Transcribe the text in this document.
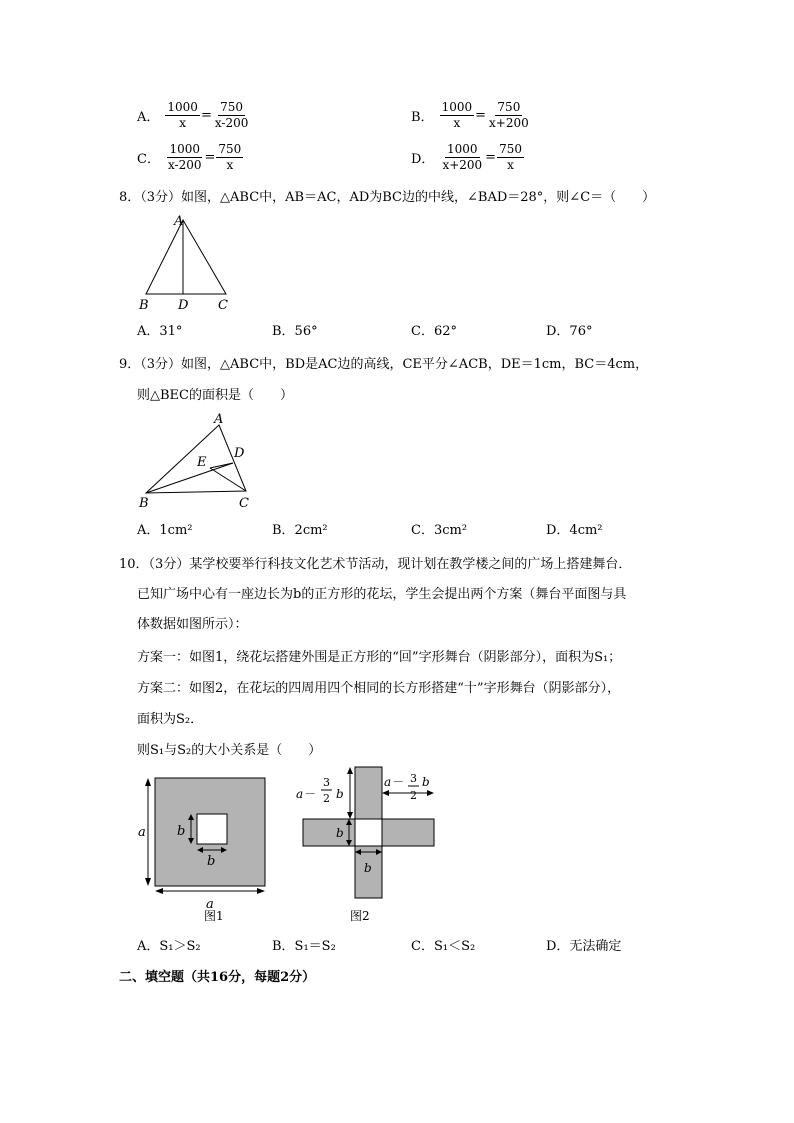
A． $\frac{1000}{x} = \frac{750}{x-200}$	B． $\frac{1000}{x} = \frac{750}{x+200}$
C． $\frac{1000}{x-200} = \frac{750}{x}$	D． $\frac{1000}{x+200} = \frac{750}{x}$
8．（3分）如图，△ABC中，AB＝AC，AD为BC边的中线，∠BAD＝28°，则∠C＝（　　）
A
B D C
A．31°	B．56°	C．62°	D．76°
9．（3分）如图，△ABC中，BD是AC边的高线，CE平分∠ACB，DE＝1cm，BC＝4cm，
则△BEC的面积是（　　）
A
D
E
B	C
A．1cm²	B．2cm²	C．3cm²	D．4cm²
10．（3分）某学校要举行科技文化艺术节活动，现计划在教学楼之间的广场上搭建舞台．
已知广场中心有一座边长为b的正方形的花坛，学生会提出两个方案（舞台平面图与具
体数据如图所示）：
方案一：如图1，绕花坛搭建外围是正方形的“回”字形舞台（阴影部分），面积为S₁；
方案二：如图2，在花坛的四周用四个相同的长方形搭建“十”字形舞台（阴影部分），
面积为S₂．
则S₁与S₂的大小关系是（　　）
a
a
b
b
图1
a－
3
2 b
a－ 3
2
b
b
b
图2
A．S₁＞S₂	B．S₁＝S₂	C．S₁＜S₂	D．无法确定
二、填空题（共16分，每题2分）
